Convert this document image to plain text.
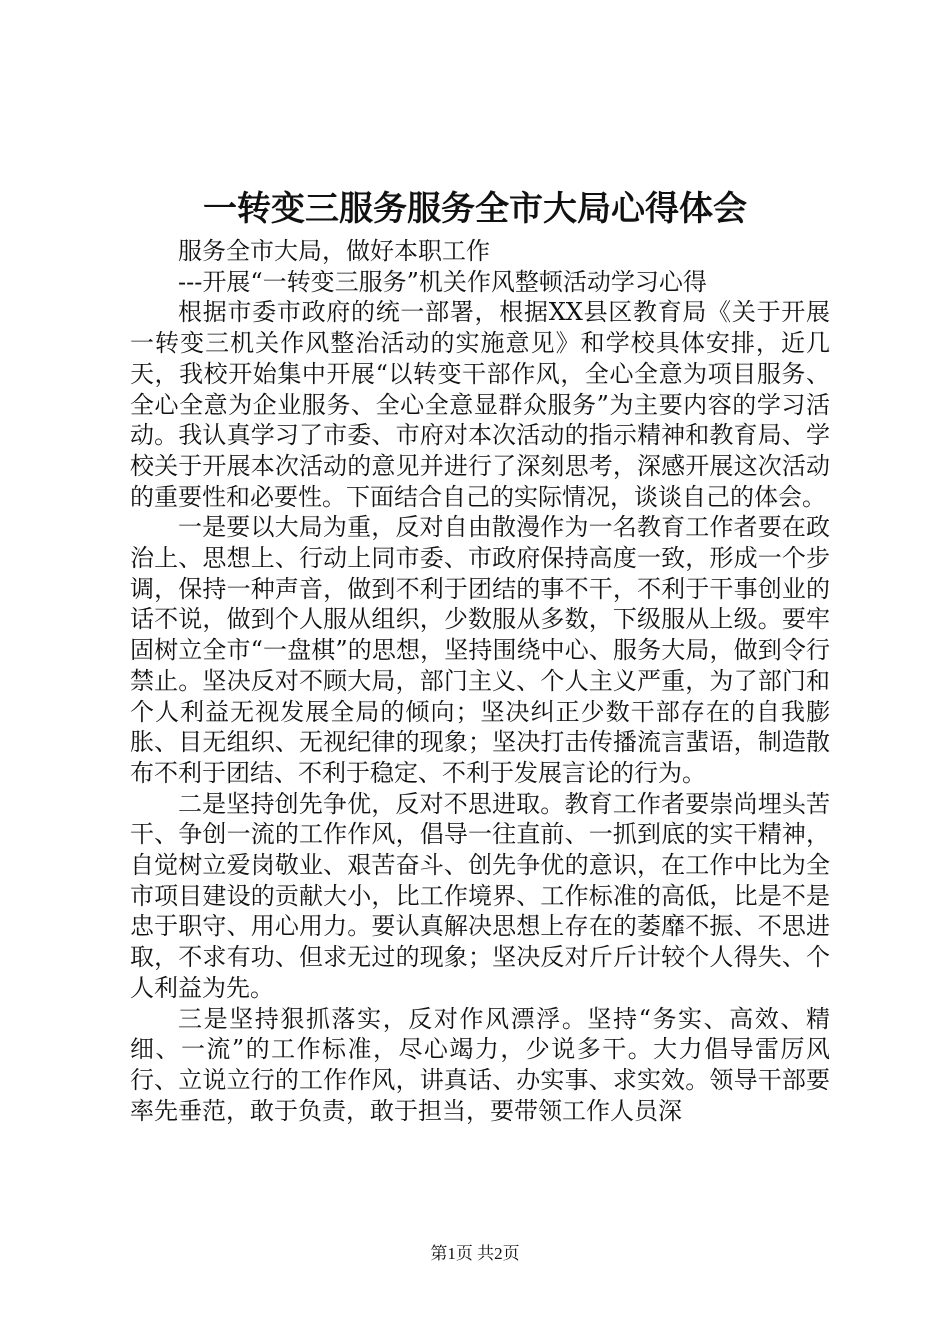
一转变三服务服务全市大局心得体会

服务全市大局，做好本职工作

---开展“一转变三服务”机关作风整顿活动学习心得

根据市委市政府的统一部署，根据XX县区教育局《关于开展一转变三机关作风整治活动的实施意见》和学校具体安排，近几天，我校开始集中开展“以转变干部作风，全心全意为项目服务、全心全意为企业服务、全心全意显群众服务”为主要内容的学习活动。我认真学习了市委、市府对本次活动的指示精神和教育局、学校关于开展本次活动的意见并进行了深刻思考，深感开展这次活动的重要性和必要性。下面结合自己的实际情况，谈谈自己的体会。

一是要以大局为重，反对自由散漫作为一名教育工作者要在政治上、思想上、行动上同市委、市政府保持高度一致，形成一个步调，保持一种声音，做到不利于团结的事不干，不利于干事创业的话不说，做到个人服从组织，少数服从多数，下级服从上级。要牢固树立全市“一盘棋”的思想，坚持围绕中心、服务大局，做到令行禁止。坚决反对不顾大局，部门主义、个人主义严重，为了部门和个人利益无视发展全局的倾向；坚决纠正少数干部存在的自我膨胀、目无组织、无视纪律的现象；坚决打击传播流言蜚语，制造散布不利于团结、不利于稳定、不利于发展言论的行为。

二是坚持创先争优，反对不思进取。教育工作者要崇尚埋头苦干、争创一流的工作作风，倡导一往直前、一抓到底的实干精神，自觉树立爱岗敬业、艰苦奋斗、创先争优的意识，在工作中比为全市项目建设的贡献大小，比工作境界、工作标准的高低，比是不是忠于职守、用心用力。要认真解决思想上存在的萎靡不振、不思进取，不求有功、但求无过的现象；坚决反对斤斤计较个人得失、个人利益为先。

三是坚持狠抓落实，反对作风漂浮。坚持“务实、高效、精细、一流”的工作标准，尽心竭力，少说多干。大力倡导雷厉风行、立说立行的工作作风，讲真话、办实事、求实效。领导干部要率先垂范，敢于负责，敢于担当，要带领工作人员深

第1页 共2页
